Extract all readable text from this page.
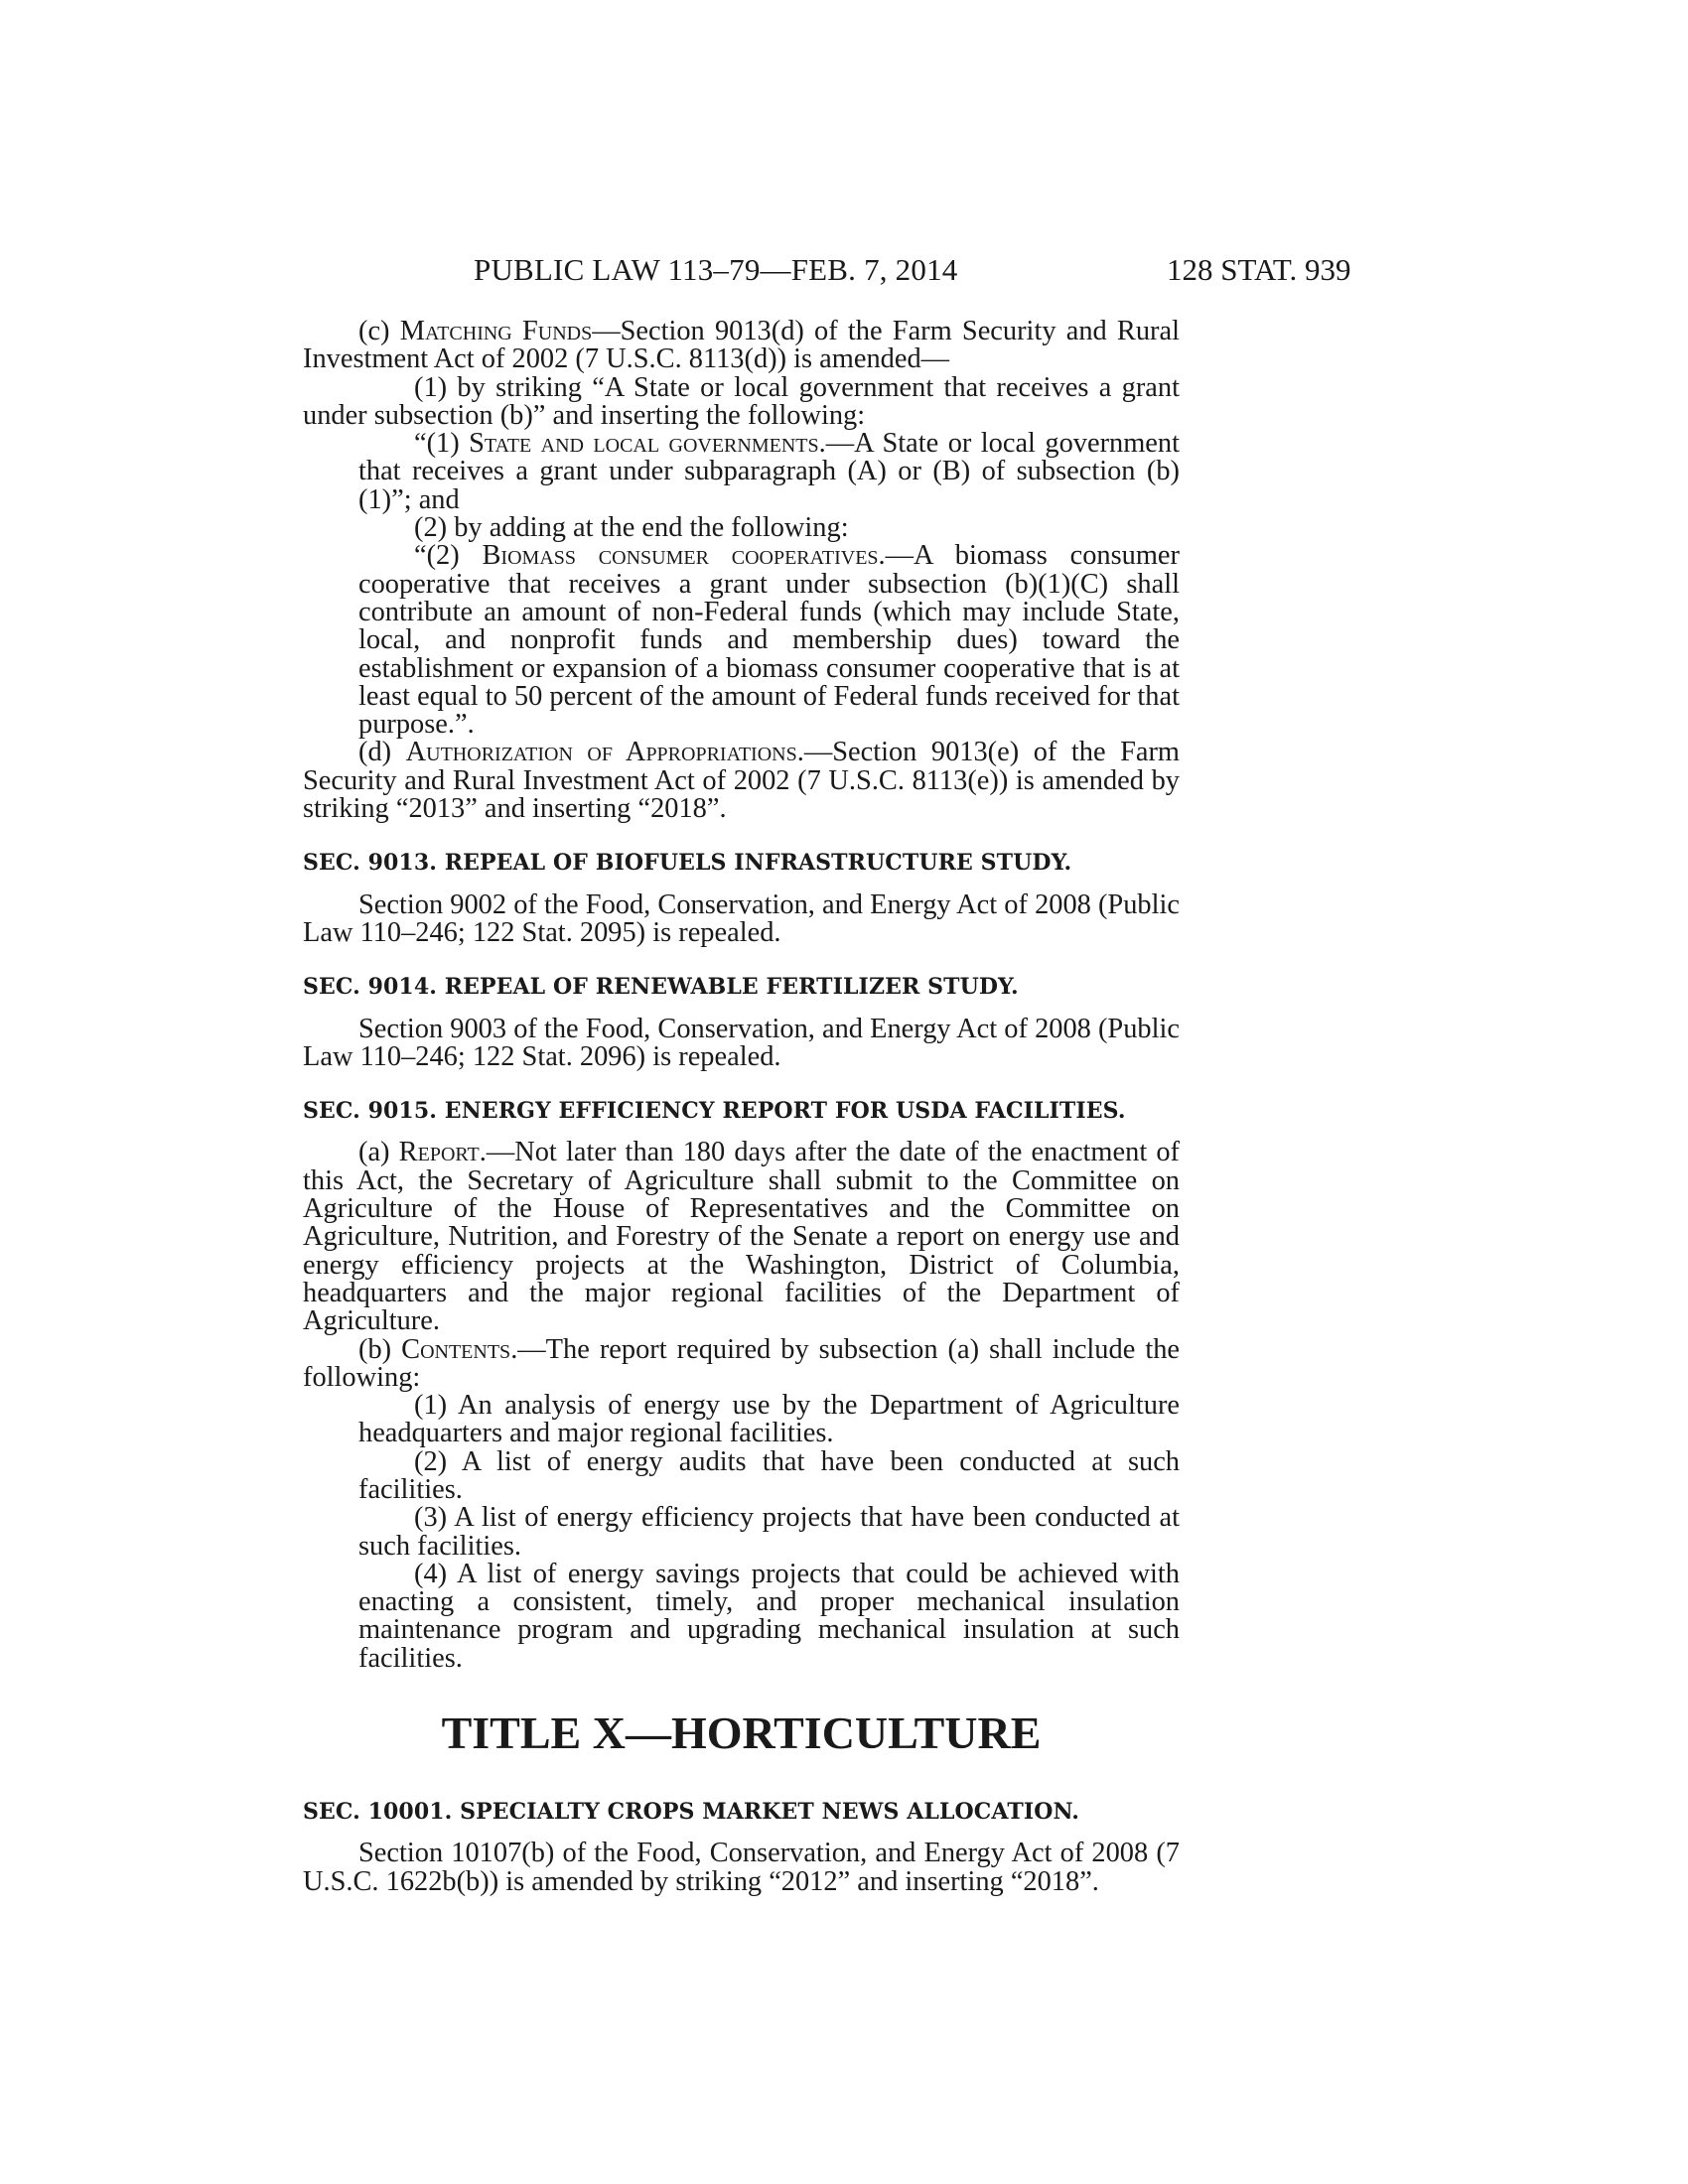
PUBLIC LAW 113–79—FEB. 7, 2014	128 STAT. 939

(c) Matching Funds—Section 9013(d) of the Farm Security and Rural Investment Act of 2002 (7 U.S.C. 8113(d)) is amended—

(1) by striking “A State or local government that receives a grant under subsection (b)” and inserting the following:

“(1) State and local governments.—A State or local government that receives a grant under subparagraph (A) or (B) of subsection (b)(1)”; and

(2) by adding at the end the following:

“(2) Biomass consumer cooperatives.—A biomass consumer cooperative that receives a grant under subsection (b)(1)(C) shall contribute an amount of non-Federal funds (which may include State, local, and nonprofit funds and membership dues) toward the establishment or expansion of a biomass consumer cooperative that is at least equal to 50 percent of the amount of Federal funds received for that purpose.”.

(d) Authorization of Appropriations.—Section 9013(e) of the Farm Security and Rural Investment Act of 2002 (7 U.S.C. 8113(e)) is amended by striking “2013” and inserting “2018”.

SEC. 9013. REPEAL OF BIOFUELS INFRASTRUCTURE STUDY.

Section 9002 of the Food, Conservation, and Energy Act of 2008 (Public Law 110–246; 122 Stat. 2095) is repealed.

SEC. 9014. REPEAL OF RENEWABLE FERTILIZER STUDY.

Section 9003 of the Food, Conservation, and Energy Act of 2008 (Public Law 110–246; 122 Stat. 2096) is repealed.

SEC. 9015. ENERGY EFFICIENCY REPORT FOR USDA FACILITIES.

(a) Report.—Not later than 180 days after the date of the enactment of this Act, the Secretary of Agriculture shall submit to the Committee on Agriculture of the House of Representatives and the Committee on Agriculture, Nutrition, and Forestry of the Senate a report on energy use and energy efficiency projects at the Washington, District of Columbia, headquarters and the major regional facilities of the Department of Agriculture.

(b) Contents.—The report required by subsection (a) shall include the following:

(1) An analysis of energy use by the Department of Agriculture headquarters and major regional facilities.

(2) A list of energy audits that have been conducted at such facilities.

(3) A list of energy efficiency projects that have been conducted at such facilities.

(4) A list of energy savings projects that could be achieved with enacting a consistent, timely, and proper mechanical insulation maintenance program and upgrading mechanical insulation at such facilities.

TITLE X—HORTICULTURE
SEC. 10001. SPECIALTY CROPS MARKET NEWS ALLOCATION.

Section 10107(b) of the Food, Conservation, and Energy Act of 2008 (7 U.S.C. 1622b(b)) is amended by striking “2012” and inserting “2018”.
